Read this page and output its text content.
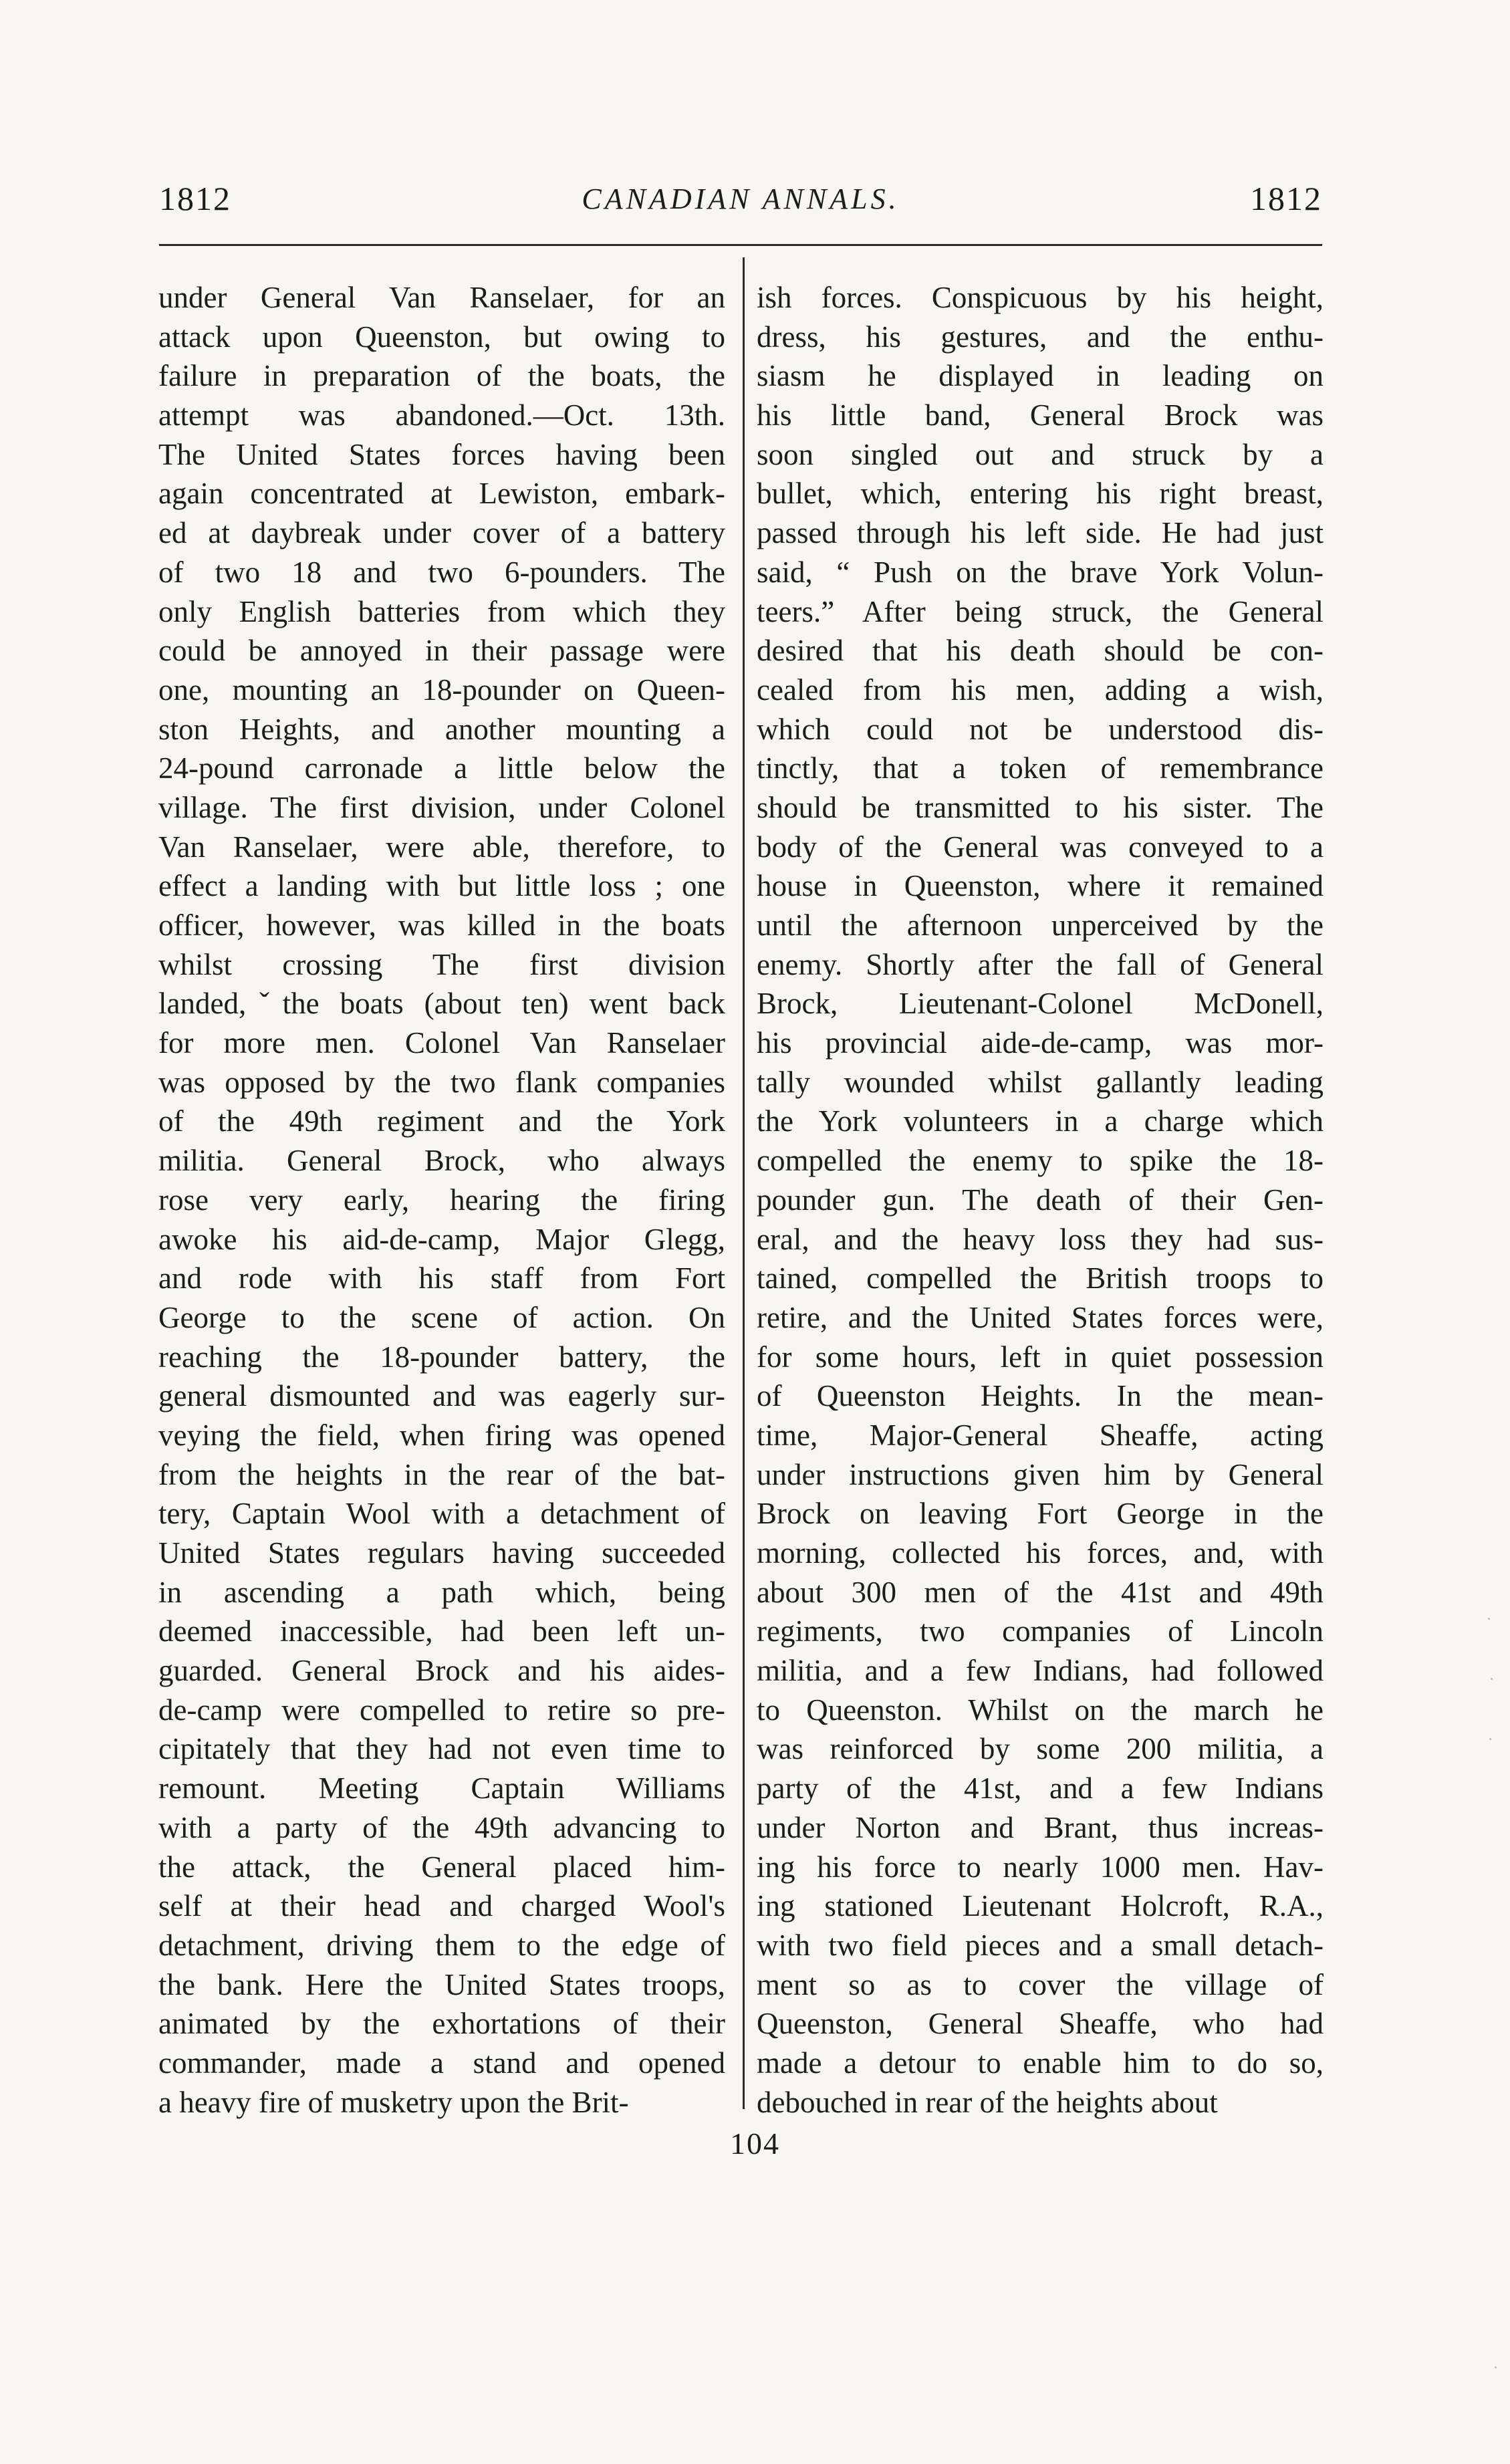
1812	CANADIAN ANNALS.	1812
under General Van Ranselaer, for an
attack upon Queenston, but owing to
failure in preparation of the boats, the
attempt was abandoned.—Oct. 13th.
The United States forces having been
again concentrated at Lewiston, embark-
ed at daybreak under cover of a battery
of two 18 and two 6-pounders. The
only English batteries from which they
could be annoyed in their passage were
one, mounting an 18-pounder on Queen-
ston Heights, and another mounting a
24-pound carronade a little below the
village. The first division, under Colonel
Van Ranselaer, were able, therefore, to
effect a landing with but little loss ; one
officer, however, was killed in the boats
whilst crossing The first division
landed,ˇthe boats (about ten) went back
for more men. Colonel Van Ranselaer
was opposed by the two flank companies
of the 49th regiment and the York
militia. General Brock, who always
rose very early, hearing the firing
awoke his aid-de-camp, Major Glegg,
and rode with his staff from Fort
George to the scene of action. On
reaching the 18-pounder battery, the
general dismounted and was eagerly sur-
veying the field, when firing was opened
from the heights in the rear of the bat-
tery, Captain Wool with a detachment of
United States regulars having succeeded
in ascending a path which, being
deemed inaccessible, had been left un-
guarded. General Brock and his aides-
de-camp were compelled to retire so pre-
cipitately that they had not even time to
remount. Meeting Captain Williams
with a party of the 49th advancing to
the attack, the General placed him-
self at their head and charged Wool's
detachment, driving them to the edge of
the bank. Here the United States troops,
animated by the exhortations of their
commander, made a stand and opened
a heavy fire of musketry upon the Brit-
ish forces. Conspicuous by his height,
dress, his gestures, and the enthu-
siasm he displayed in leading on
his little band, General Brock was
soon singled out and struck by a
bullet, which, entering his right breast,
passed through his left side. He had just
said, “ Push on the brave York Volun-
teers.” After being struck, the General
desired that his death should be con-
cealed from his men, adding a wish,
which could not be understood dis-
tinctly, that a token of remembrance
should be transmitted to his sister. The
body of the General was conveyed to a
house in Queenston, where it remained
until the afternoon unperceived by the
enemy. Shortly after the fall of General
Brock, Lieutenant-Colonel McDonell,
his provincial aide-de-camp, was mor-
tally wounded whilst gallantly leading
the York volunteers in a charge which
compelled the enemy to spike the 18-
pounder gun. The death of their Gen-
eral, and the heavy loss they had sus-
tained, compelled the British troops to
retire, and the United States forces were,
for some hours, left in quiet possession
of Queenston Heights. In the mean-
time, Major-General Sheaffe, acting
under instructions given him by General
Brock on leaving Fort George in the
morning, collected his forces, and, with
about 300 men of the 41st and 49th
regiments, two companies of Lincoln
militia, and a few Indians, had followed
to Queenston. Whilst on the march he
was reinforced by some 200 militia, a
party of the 41st, and a few Indians
under Norton and Brant, thus increas-
ing his force to nearly 1000 men. Hav-
ing stationed Lieutenant Holcroft, R.A.,
with two field pieces and a small detach-
ment so as to cover the village of
Queenston, General Sheaffe, who had
made a detour to enable him to do so,
debouched in rear of the heights about
104
